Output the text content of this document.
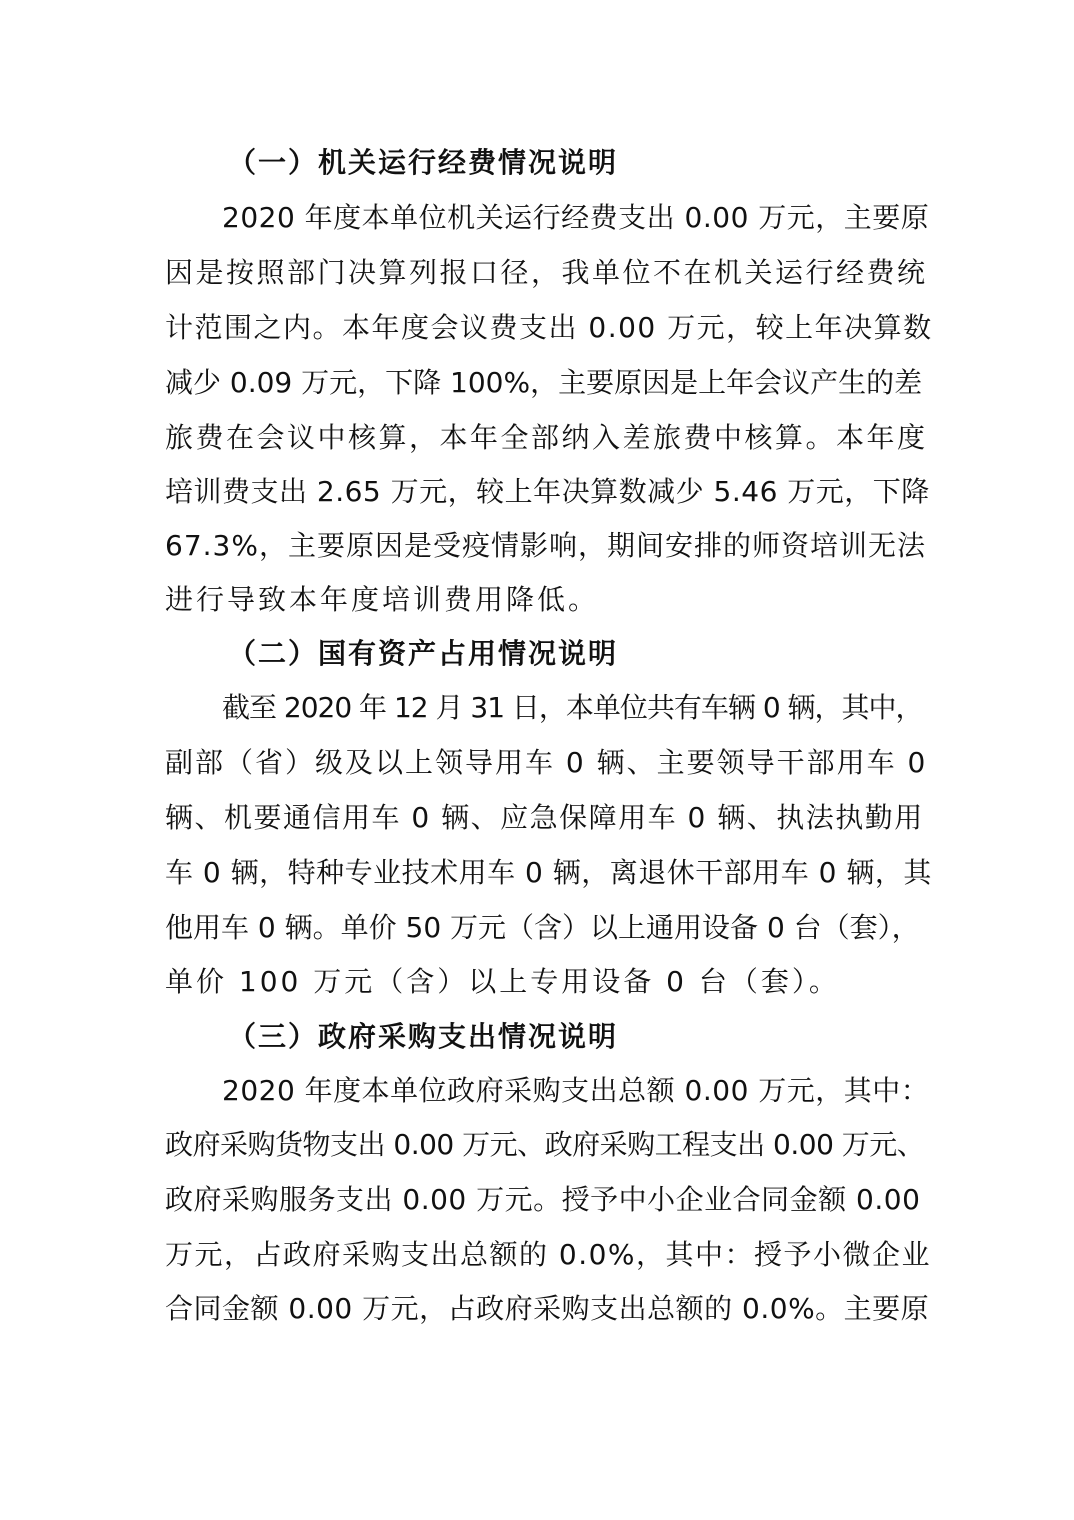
（一）机关运行经费情况说明
2020 年度本单位机关运行经费支出 0.00 万元，主要原
因是按照部门决算列报口径，我单位不在机关运行经费统
计范围之内。本年度会议费支出 0.00 万元，较上年决算数
减少 0.09 万元，下降 100%，主要原因是上年会议产生的差
旅费在会议中核算，本年全部纳入差旅费中核算。本年度
培训费支出 2.65 万元，较上年决算数减少 5.46 万元，下降
67.3%，主要原因是受疫情影响，期间安排的师资培训无法
进行导致本年度培训费用降低。
（二）国有资产占用情况说明
截至 2020 年 12 月 31 日，本单位共有车辆 0 辆，其中，
副部（省）级及以上领导用车 0 辆、主要领导干部用车 0
辆、机要通信用车 0 辆、应急保障用车 0 辆、执法执勤用
车 0 辆，特种专业技术用车 0 辆，离退休干部用车 0 辆，其
他用车 0 辆。单价 50 万元（含）以上通用设备 0 台（套），
单价 100 万元（含）以上专用设备 0 台（套）。
（三）政府采购支出情况说明
2020 年度本单位政府采购支出总额 0.00 万元，其中：
政府采购货物支出 0.00 万元、政府采购工程支出 0.00 万元、
政府采购服务支出 0.00 万元。授予中小企业合同金额 0.00
万元，占政府采购支出总额的 0.0%，其中：授予小微企业
合同金额 0.00 万元，占政府采购支出总额的 0.0%。主要原
